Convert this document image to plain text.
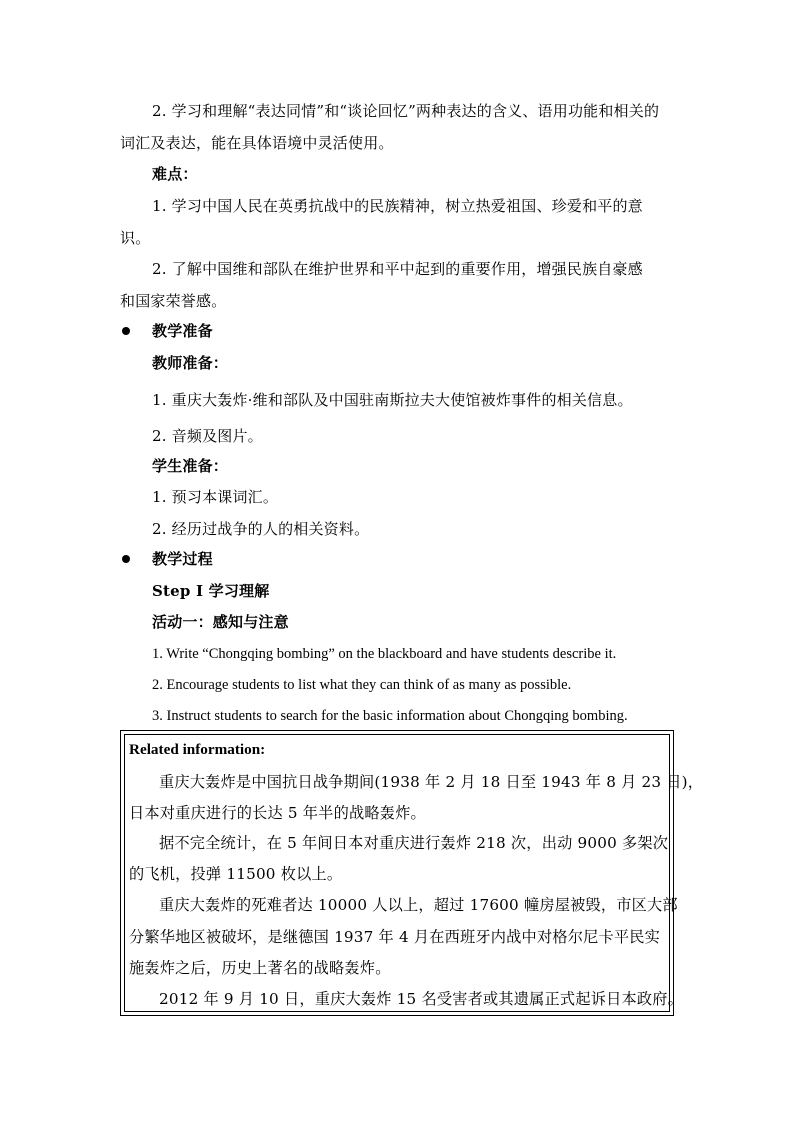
2. 学习和理解“表达同情”和“谈论回忆”两种表达的含义、语用功能和相关的
词汇及表达，能在具体语境中灵活使用。
难点：
1. 学习中国人民在英勇抗战中的民族精神，树立热爱祖国、珍爱和平的意
识。
2. 了解中国维和部队在维护世界和平中起到的重要作用，增强民族自豪感
和国家荣誉感。
教学准备
教师准备：
1. 重庆大轰炸·维和部队及中国驻南斯拉夫大使馆被炸事件的相关信息。
2. 音频及图片。
学生准备：
1. 预习本课词汇。
2. 经历过战争的人的相关资料。
教学过程
Step I 学习理解
活动一：感知与注意
1. Write “Chongqing bombing” on the blackboard and have students describe it.
2. Encourage students to list what they can think of as many as possible.
3. Instruct students to search for the basic information about Chongqing bombing.
Related information:
重庆大轰炸是中国抗日战争期间(1938 年 2 月 18 日至 1943 年 8 月 23 日)，
日本对重庆进行的长达 5 年半的战略轰炸。
据不完全统计，在 5 年间日本对重庆进行轰炸 218 次，出动 9000 多架次
的飞机，投弹 11500 枚以上。
重庆大轰炸的死难者达 10000 人以上，超过 17600 幢房屋被毁，市区大部
分繁华地区被破坏，是继德国 1937 年 4 月在西班牙内战中对格尔尼卡平民实
施轰炸之后，历史上著名的战略轰炸。
2012 年 9 月 10 日，重庆大轰炸 15 名受害者或其遗属正式起诉日本政府。
